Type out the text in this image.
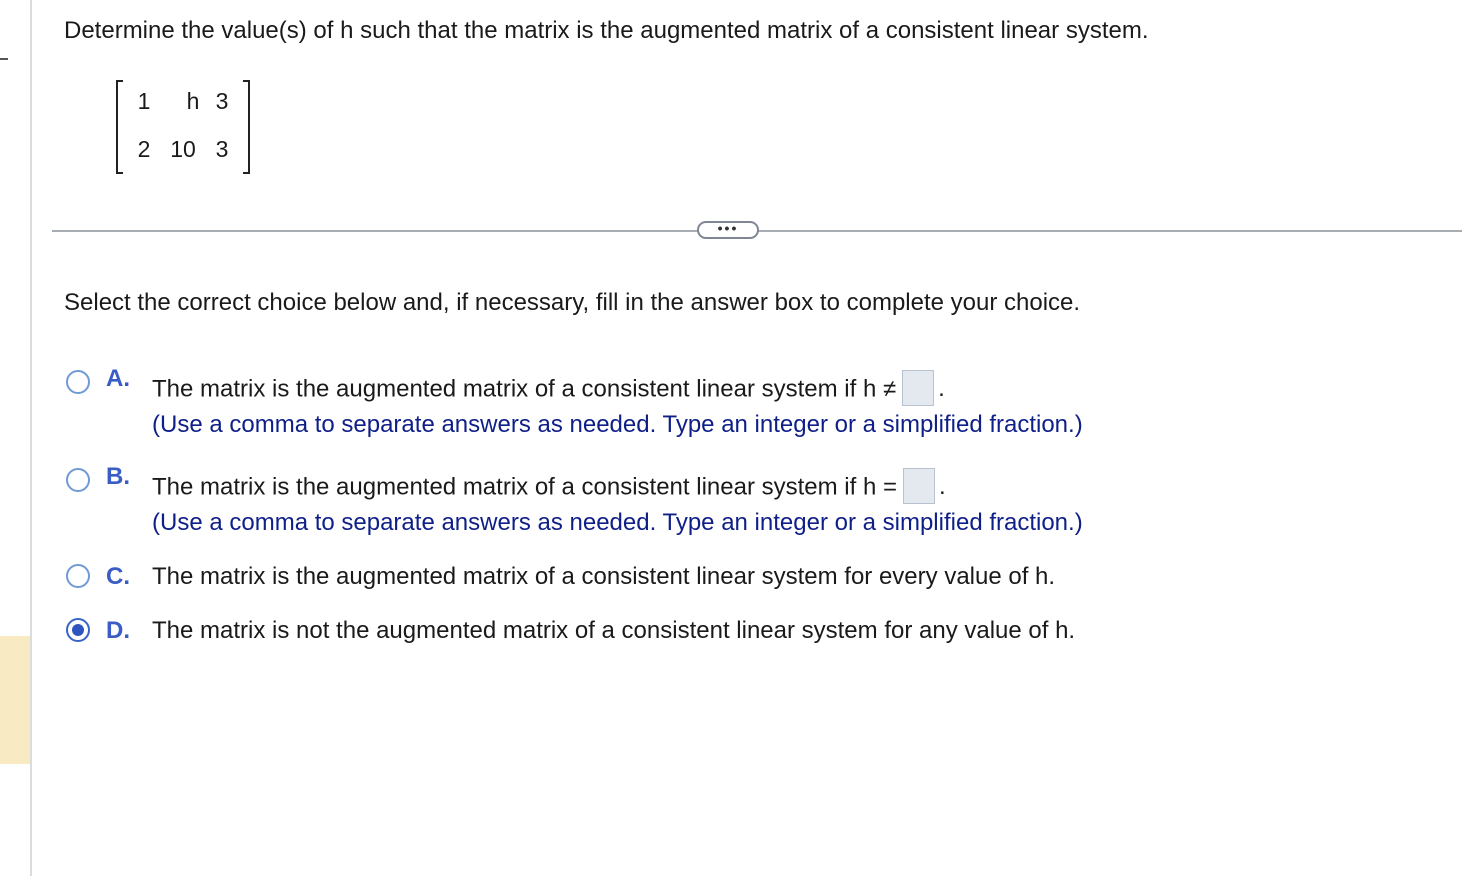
Determine the value(s) of h such that the matrix is the augmented matrix of a consistent linear system.
1	h 3
2 10 3
•••
Select the correct choice below and, if necessary, fill in the answer box to complete your choice.
A. The matrix is the augmented matrix of a consistent linear system if h ≠ .
(Use a comma to separate answers as needed. Type an integer or a simplified fraction.)
B. The matrix is the augmented matrix of a consistent linear system if h = .
(Use a comma to separate answers as needed. Type an integer or a simplified fraction.)
C. The matrix is the augmented matrix of a consistent linear system for every value of h.
D. The matrix is not the augmented matrix of a consistent linear system for any value of h.
